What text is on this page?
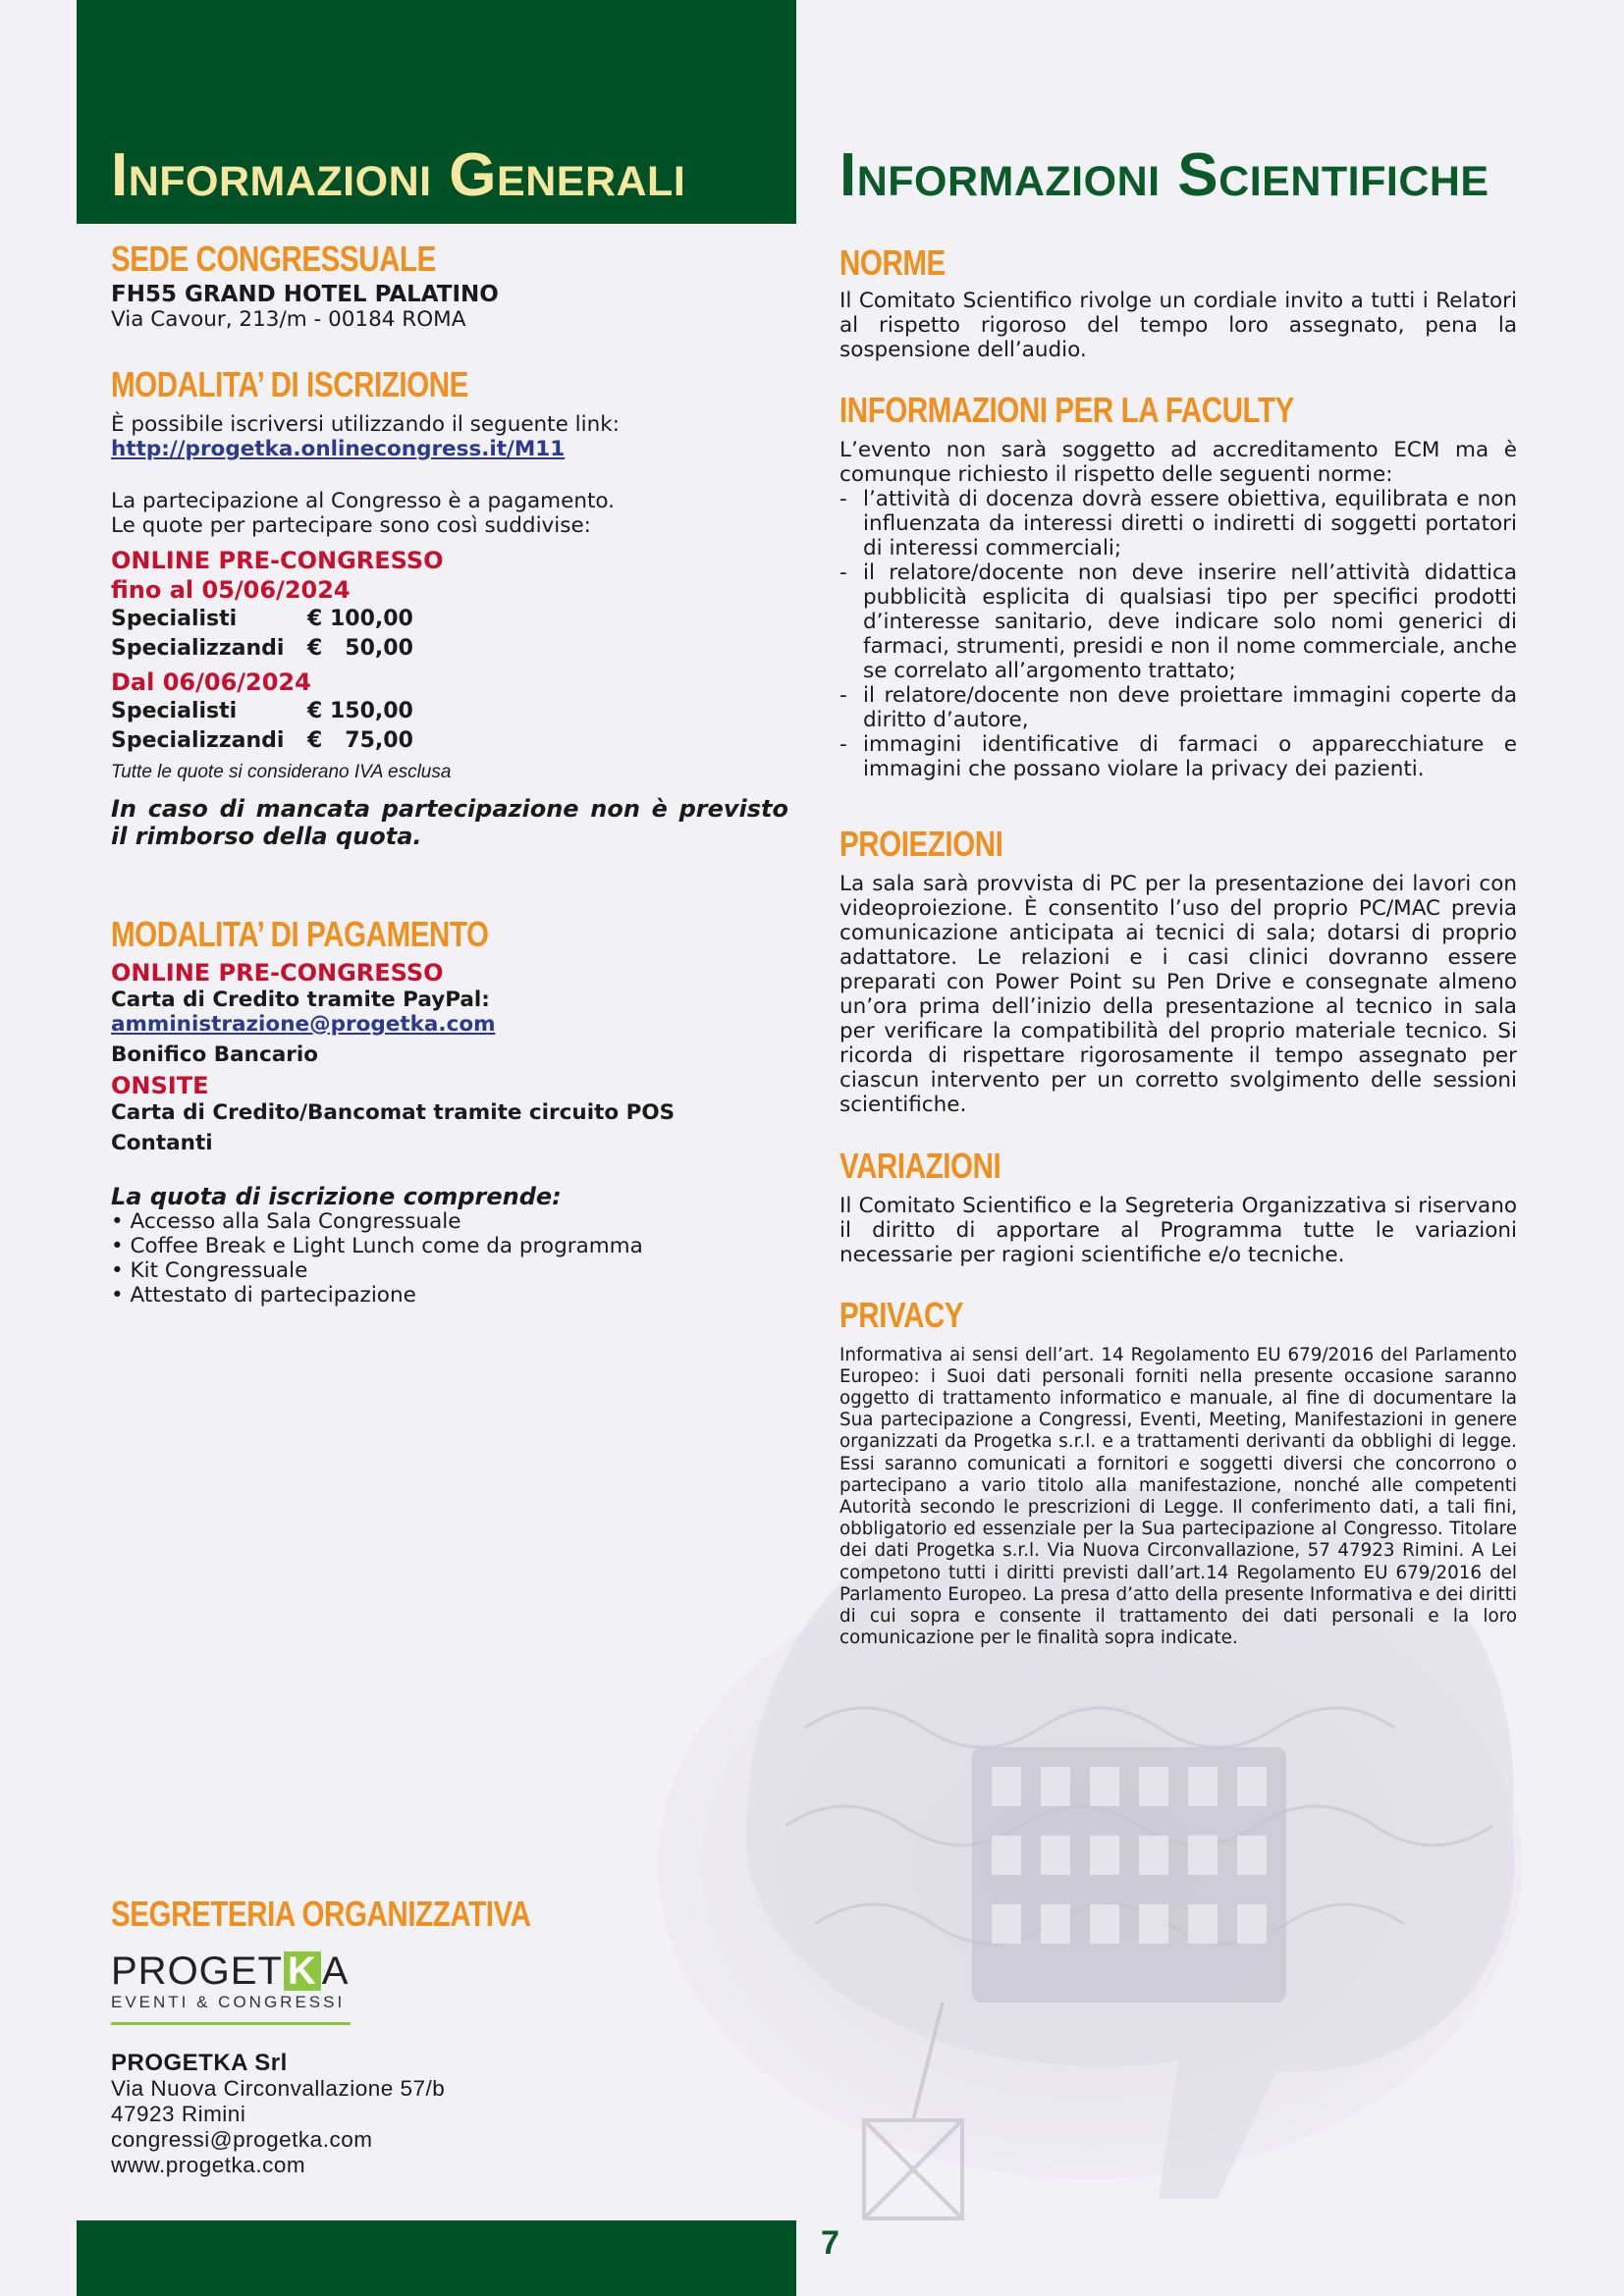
Informazioni Generali	Informazioni Scientifiche
SEDE CONGRESSUALE
FH55 GRAND HOTEL PALATINO
Via Cavour, 213/m - 00184 ROMA
MODALITA’ DI ISCRIZIONE
È possibile iscriversi utilizzando il seguente link:
http://progetka.onlinecongress.it/M11
La partecipazione al Congresso è a pagamento.
Le quote per partecipare sono così suddivise:
ONLINE PRE-CONGRESSO
fino al 05/06/2024
Specialisti	€ 100,00
Specializzandi	€   50,00
Dal 06/06/2024
Specialisti	€ 150,00
Specializzandi	€   75,00
Tutte le quote si considerano IVA esclusa
In caso di mancata partecipazione non è previsto il rimborso della quota.
MODALITA’ DI PAGAMENTO
ONLINE PRE-CONGRESSO
Carta di Credito tramite PayPal:
amministrazione@progetka.com
Bonifico Bancario
ONSITE
Carta di Credito/Bancomat tramite circuito POS
Contanti
La quota di iscrizione comprende:
• Accesso alla Sala Congressuale
• Coffee Break e Light Lunch come da programma
• Kit Congressuale
• Attestato di partecipazione
SEGRETERIA ORGANIZZATIVA
PROGET K A
EVENTI & CONGRESSI
PROGETKA Srl
Via Nuova Circonvallazione 57/b
47923 Rimini
congressi@progetka.com
www.progetka.com
NORME
Il Comitato Scientifico rivolge un cordiale invito a tutti i Relatori al rispetto rigoroso del tempo loro assegnato, pena la sospensione dell’audio.
INFORMAZIONI PER LA FACULTY
L’evento non sarà soggetto ad accreditamento ECM ma è comunque richiesto il rispetto delle seguenti norme:
- l’attività di docenza dovrà essere obiettiva, equilibrata e non influenzata da interessi diretti o indiretti di soggetti portatori di interessi commerciali;
- il relatore/docente non deve inserire nell’attività didattica pubblicità esplicita di qualsiasi tipo per specifici prodotti d’interesse sanitario, deve indicare solo nomi generici di farmaci, strumenti, presidi e non il nome commerciale, anche se correlato all’argomento trattato;
- il relatore/docente non deve proiettare immagini coperte da diritto d’autore,
- immagini identificative di farmaci o apparecchiature e immagini che possano violare la privacy dei pazienti.
PROIEZIONI
La sala sarà provvista di PC per la presentazione dei lavori con videoproiezione. È consentito l’uso del proprio PC/MAC previa comunicazione anticipata ai tecnici di sala; dotarsi di proprio adattatore. Le relazioni e i casi clinici dovranno essere preparati con Power Point su Pen Drive e consegnate almeno un’ora prima dell’inizio della presentazione al tecnico in sala per verificare la compatibilità del proprio materiale tecnico. Si ricorda di rispettare rigorosamente il tempo assegnato per ciascun intervento per un corretto svolgimento delle sessioni scientifiche.
VARIAZIONI
Il Comitato Scientifico e la Segreteria Organizzativa si riservano il diritto di apportare al Programma tutte le variazioni necessarie per ragioni scientifiche e/o tecniche.
PRIVACY
Informativa ai sensi dell’art. 14 Regolamento EU 679/2016 del Parlamento Europeo: i Suoi dati personali forniti nella presente occasione saranno oggetto di trattamento informatico e manuale, al fine di documentare la Sua partecipazione a Congressi, Eventi, Meeting, Manifestazioni in genere organizzati da Progetka s.r.l. e a trattamenti derivanti da obblighi di legge. Essi saranno comunicati a fornitori e soggetti diversi che concorrono o partecipano a vario titolo alla manifestazione, nonché alle competenti Autorità secondo le prescrizioni di Legge. Il conferimento dati, a tali fini, obbligatorio ed essenziale per la Sua partecipazione al Congresso. Titolare dei dati Progetka s.r.l. Via Nuova Circonvallazione, 57 47923 Rimini. A Lei competono tutti i diritti previsti dall’art.14 Regolamento EU 679/2016 del Parlamento Europeo. La presa d’atto della presente Informativa e dei diritti di cui sopra e consente il trattamento dei dati personali e la loro comunicazione per le finalità sopra indicate.
7
